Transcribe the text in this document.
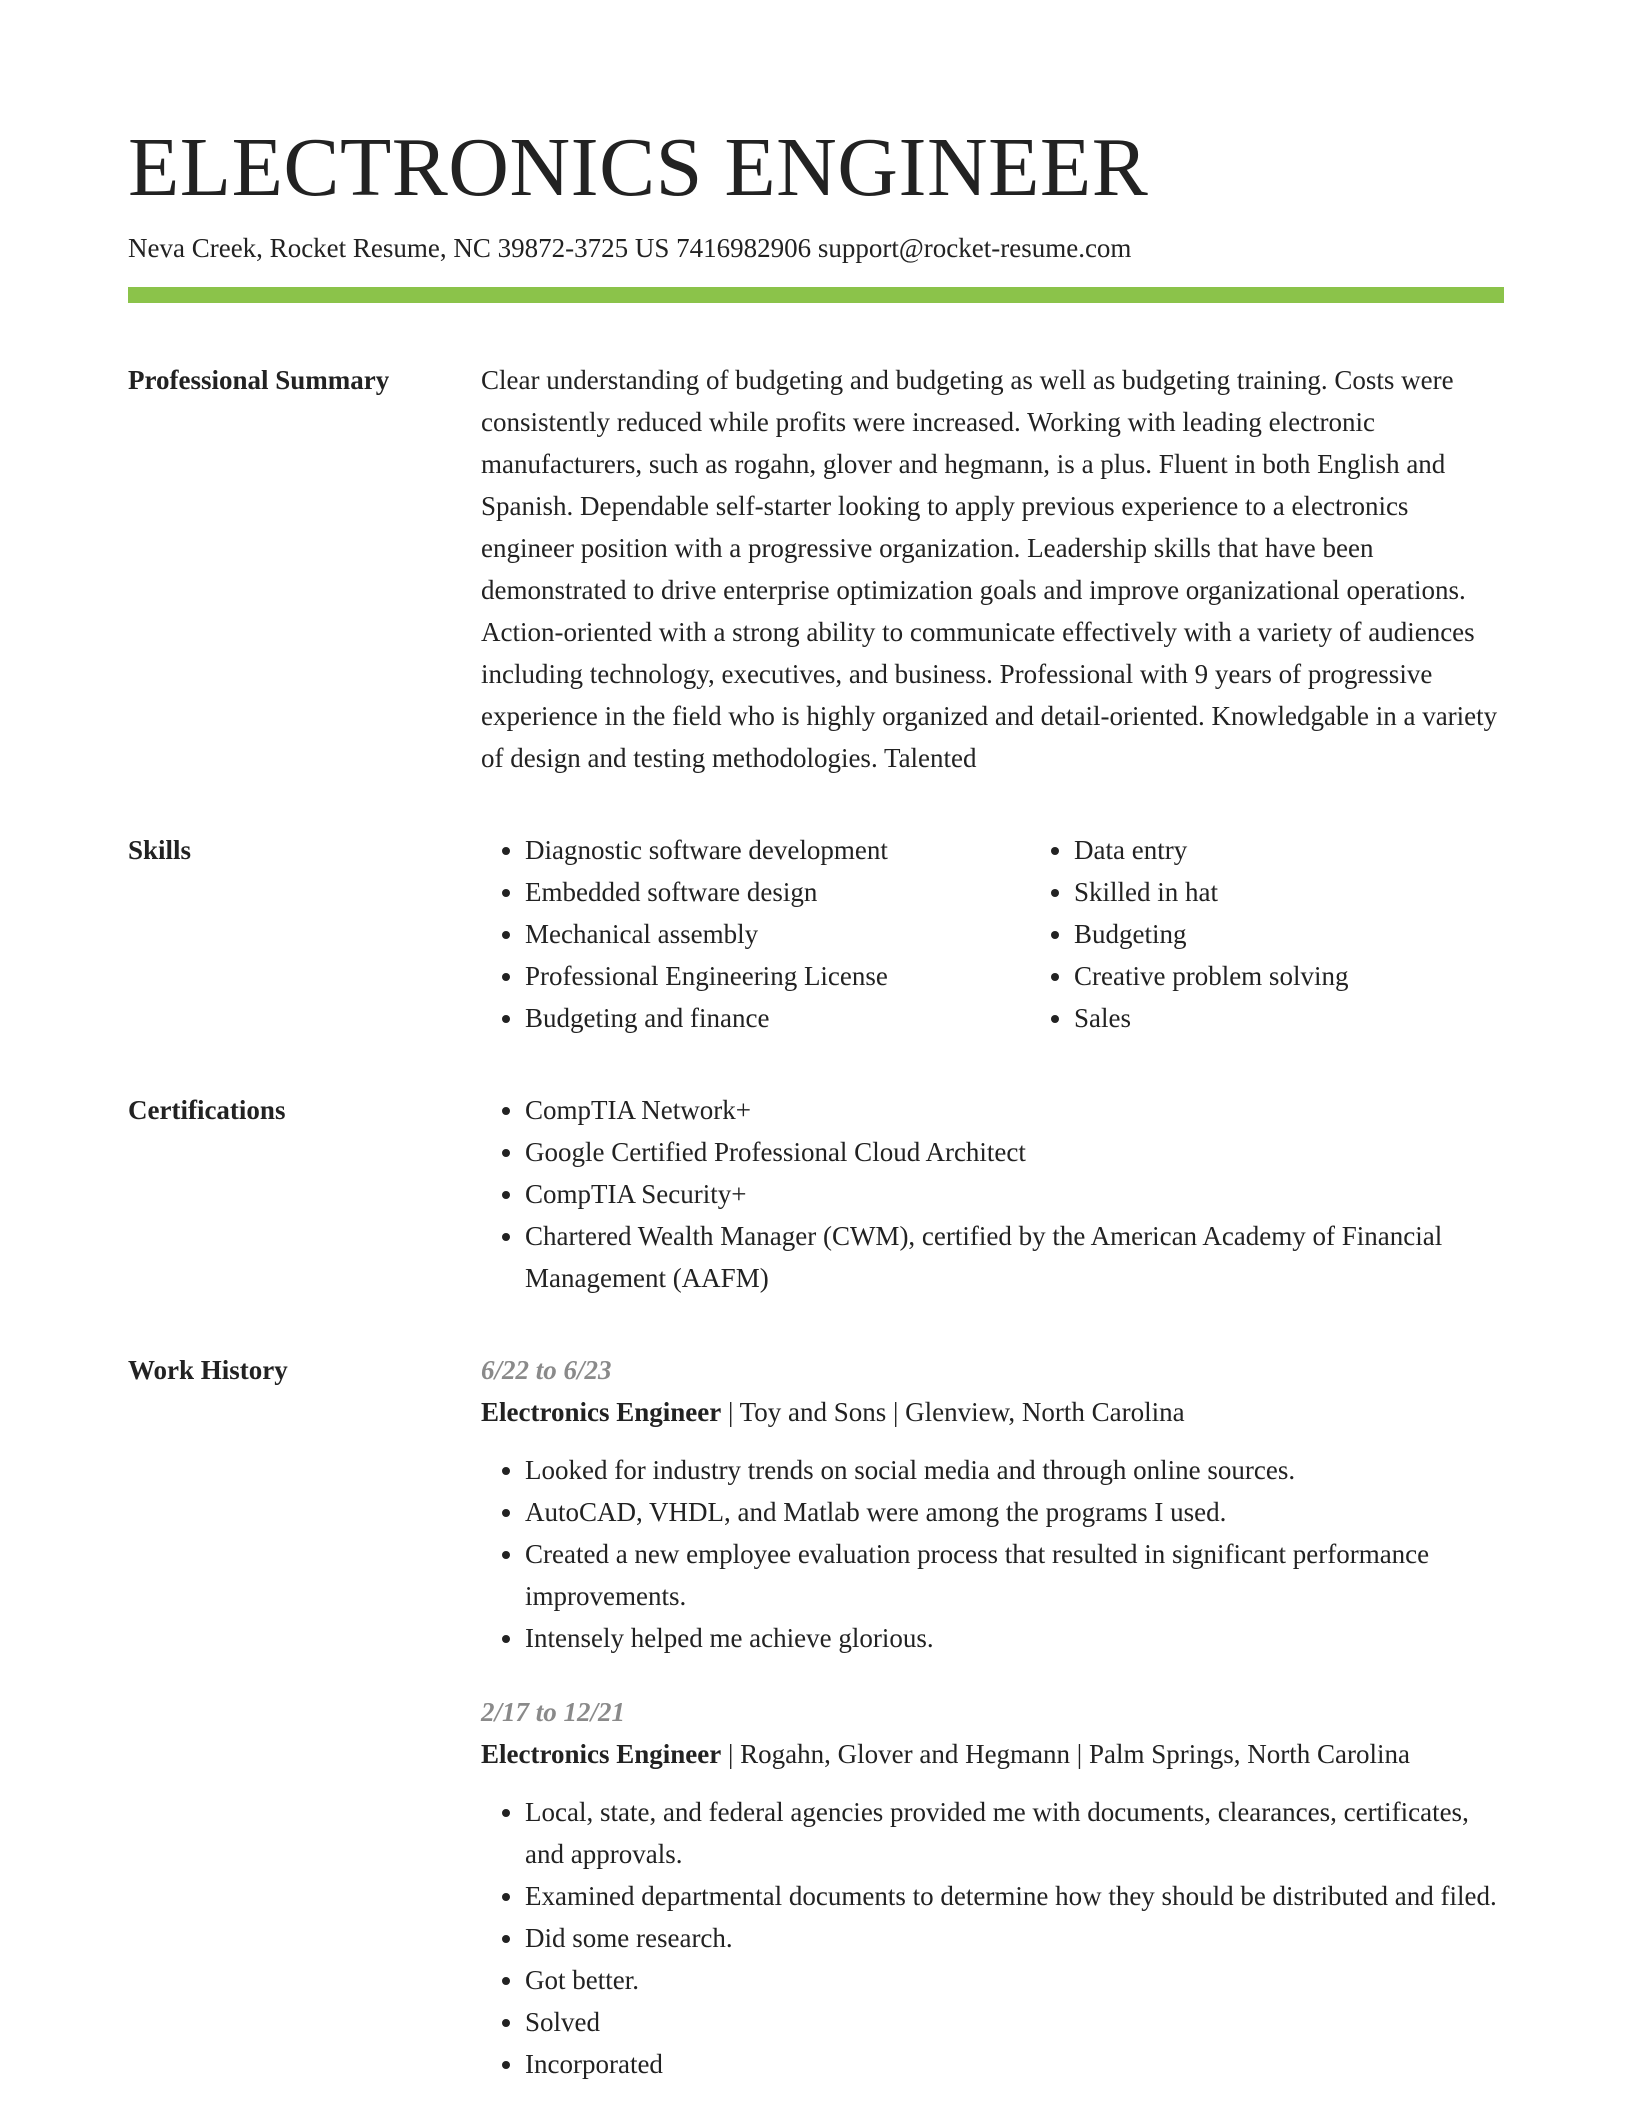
ELECTRONICS ENGINEER
Neva Creek, Rocket Resume, NC 39872-3725 US 7416982906 support@rocket-resume.com
Professional Summary	Clear understanding of budgeting and budgeting as well as budgeting training. Costs were consistently reduced while profits were increased. Working with leading electronic manufacturers, such as rogahn, glover and hegmann, is a plus. Fluent in both English and Spanish. Dependable self-starter looking to apply previous experience to a electronics engineer position with a progressive organization. Leadership skills that have been demonstrated to drive enterprise optimization goals and improve organizational operations. Action-oriented with a strong ability to communicate effectively with a variety of audiences including technology, executives, and business. Professional with 9 years of progressive experience in the field who is highly organized and detail-oriented. Knowledgable in a variety of design and testing methodologies. Talented

Skills	• Diagnostic software development
• Embedded software design
• Mechanical assembly
• Professional Engineering License
• Budgeting and finance
• Data entry
• Skilled in hat
• Budgeting
• Creative problem solving
• Sales
Certifications	• CompTIA Network+
• Google Certified Professional Cloud Architect
• CompTIA Security+
• Chartered Wealth Manager (CWM), certified by the American Academy of Financial Management (AAFM)
Work History	6/22 to 6/23
Electronics Engineer | Toy and Sons | Glenview, North Carolina
• Looked for industry trends on social media and through online sources.
• AutoCAD, VHDL, and Matlab were among the programs I used.
• Created a new employee evaluation process that resulted in significant performance improvements.
• Intensely helped me achieve glorious.
2/17 to 12/21
Electronics Engineer | Rogahn, Glover and Hegmann | Palm Springs, North Carolina
• Local, state, and federal agencies provided me with documents, clearances, certificates, and approvals.
• Examined departmental documents to determine how they should be distributed and filed.
• Did some research.
• Got better.
• Solved
• Incorporated
